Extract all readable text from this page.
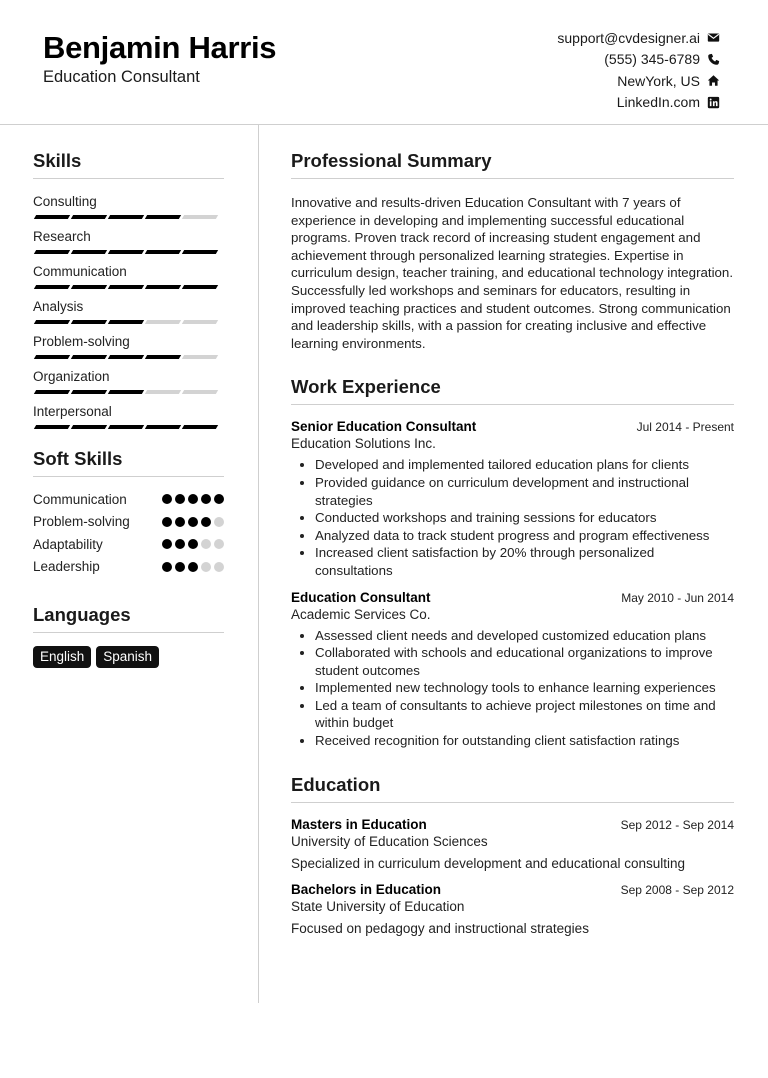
Benjamin Harris
Education Consultant
support@cvdesigner.ai
(555) 345-6789
NewYork, US
LinkedIn.com
Skills
Consulting
Research
Communication
Analysis
Problem-solving
Organization
Interpersonal
Soft Skills
Communication
Problem-solving
Adaptability
Leadership
Languages
English	Spanish
Professional Summary
Innovative and results-driven Education Consultant with 7 years of experience in developing and implementing successful educational programs. Proven track record of increasing student engagement and achievement through personalized learning strategies. Expertise in curriculum design, teacher training, and educational technology integration. Successfully led workshops and seminars for educators, resulting in improved teaching practices and student outcomes. Strong communication and leadership skills, with a passion for creating inclusive and effective learning environments.
Work Experience
Senior Education Consultant	Jul 2014 - Present
Education Solutions Inc.
• Developed and implemented tailored education plans for clients
• Provided guidance on curriculum development and instructional strategies
• Conducted workshops and training sessions for educators
• Analyzed data to track student progress and program effectiveness
• Increased client satisfaction by 20% through personalized consultations
Education Consultant	May 2010 - Jun 2014
Academic Services Co.
• Assessed client needs and developed customized education plans
• Collaborated with schools and educational organizations to improve student outcomes
• Implemented new technology tools to enhance learning experiences
• Led a team of consultants to achieve project milestones on time and within budget
• Received recognition for outstanding client satisfaction ratings
Education
Masters in Education	Sep 2012 - Sep 2014
University of Education Sciences
Specialized in curriculum development and educational consulting
Bachelors in Education	Sep 2008 - Sep 2012
State University of Education
Focused on pedagogy and instructional strategies
